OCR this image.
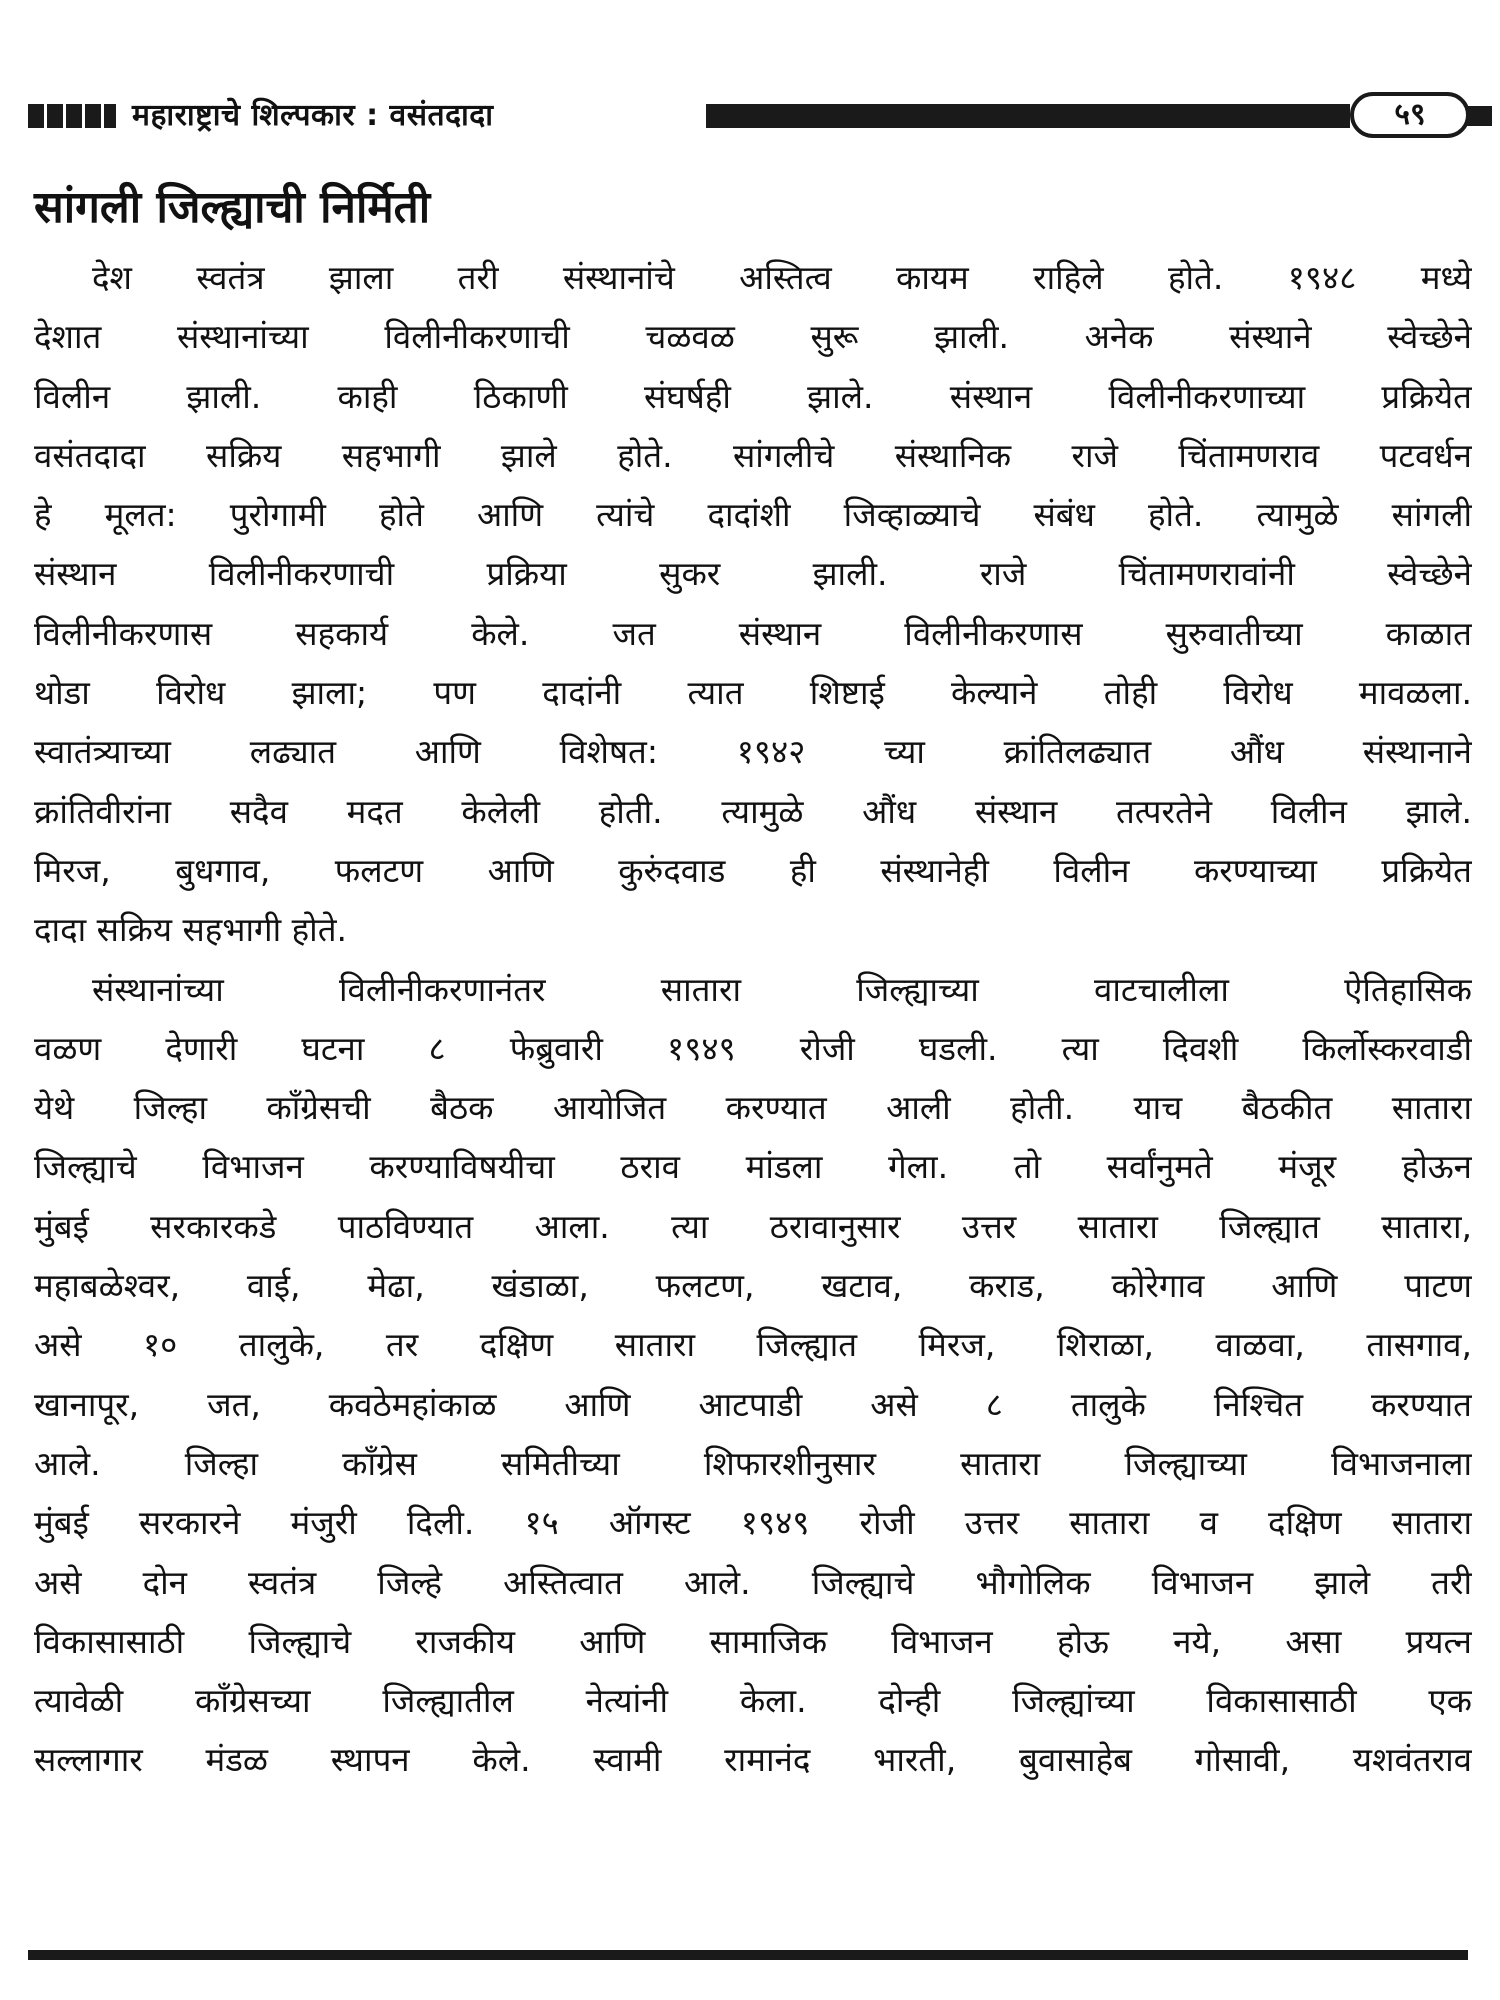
महाराष्ट्राचे शिल्पकार : वसंतदादा	५९
सांगली जिल्ह्याची निर्मिती
देश स्वतंत्र झाला तरी संस्थानांचे अस्तित्व कायम राहिले होते. १९४८ मध्ये
देशात संस्थानांच्या विलीनीकरणाची चळवळ सुरू झाली. अनेक संस्थाने स्वेच्छेने
विलीन झाली. काही ठिकाणी संघर्षही झाले. संस्थान विलीनीकरणाच्या प्रक्रियेत
वसंतदादा सक्रिय सहभागी झाले होते. सांगलीचे संस्थानिक राजे चिंतामणराव पटवर्धन
हे मूलत: पुरोगामी होते आणि त्यांचे दादांशी जिव्हाळ्याचे संबंध होते. त्यामुळे सांगली
संस्थान विलीनीकरणाची प्रक्रिया सुकर झाली. राजे चिंतामणरावांनी स्वेच्छेने
विलीनीकरणास सहकार्य केले. जत संस्थान विलीनीकरणास सुरुवातीच्या काळात
थोडा विरोध झाला; पण दादांनी त्यात शिष्टाई केल्याने तोही विरोध मावळला.
स्वातंत्र्याच्या लढ्यात आणि विशेषत: १९४२ च्या क्रांतिलढ्यात औंध संस्थानाने
क्रांतिवीरांना सदैव मदत केलेली होती. त्यामुळे औंध संस्थान तत्परतेने विलीन झाले.
मिरज, बुधगाव, फलटण आणि कुरुंदवाड ही संस्थानेही विलीन करण्याच्या प्रक्रियेत
दादा सक्रिय सहभागी होते.
संस्थानांच्या विलीनीकरणानंतर सातारा जिल्ह्याच्या वाटचालीला ऐतिहासिक
वळण देणारी घटना ८ फेब्रुवारी १९४९ रोजी घडली. त्या दिवशी किर्लोस्करवाडी
येथे जिल्हा काँग्रेसची बैठक आयोजित करण्यात आली होती. याच बैठकीत सातारा
जिल्ह्याचे विभाजन करण्याविषयीचा ठराव मांडला गेला. तो सर्वांनुमते मंजूर होऊन
मुंबई सरकारकडे पाठविण्यात आला. त्या ठरावानुसार उत्तर सातारा जिल्ह्यात सातारा,
महाबळेश्वर, वाई, मेढा, खंडाळा, फलटण, खटाव, कराड, कोरेगाव आणि पाटण
असे १० तालुके, तर दक्षिण सातारा जिल्ह्यात मिरज, शिराळा, वाळवा, तासगाव,
खानापूर, जत, कवठेमहांकाळ आणि आटपाडी असे ८ तालुके निश्चित करण्यात
आले. जिल्हा काँग्रेस समितीच्या शिफारशीनुसार सातारा जिल्ह्याच्या विभाजनाला
मुंबई सरकारने मंजुरी दिली. १५ ऑगस्ट १९४९ रोजी उत्तर सातारा व दक्षिण सातारा
असे दोन स्वतंत्र जिल्हे अस्तित्वात आले. जिल्ह्याचे भौगोलिक विभाजन झाले तरी
विकासासाठी जिल्ह्याचे राजकीय आणि सामाजिक विभाजन होऊ नये, असा प्रयत्न
त्यावेळी काँग्रेसच्या जिल्ह्यातील नेत्यांनी केला. दोन्ही जिल्ह्यांच्या विकासासाठी एक
सल्लागार मंडळ स्थापन केले. स्वामी रामानंद भारती, बुवासाहेब गोसावी, यशवंतराव
